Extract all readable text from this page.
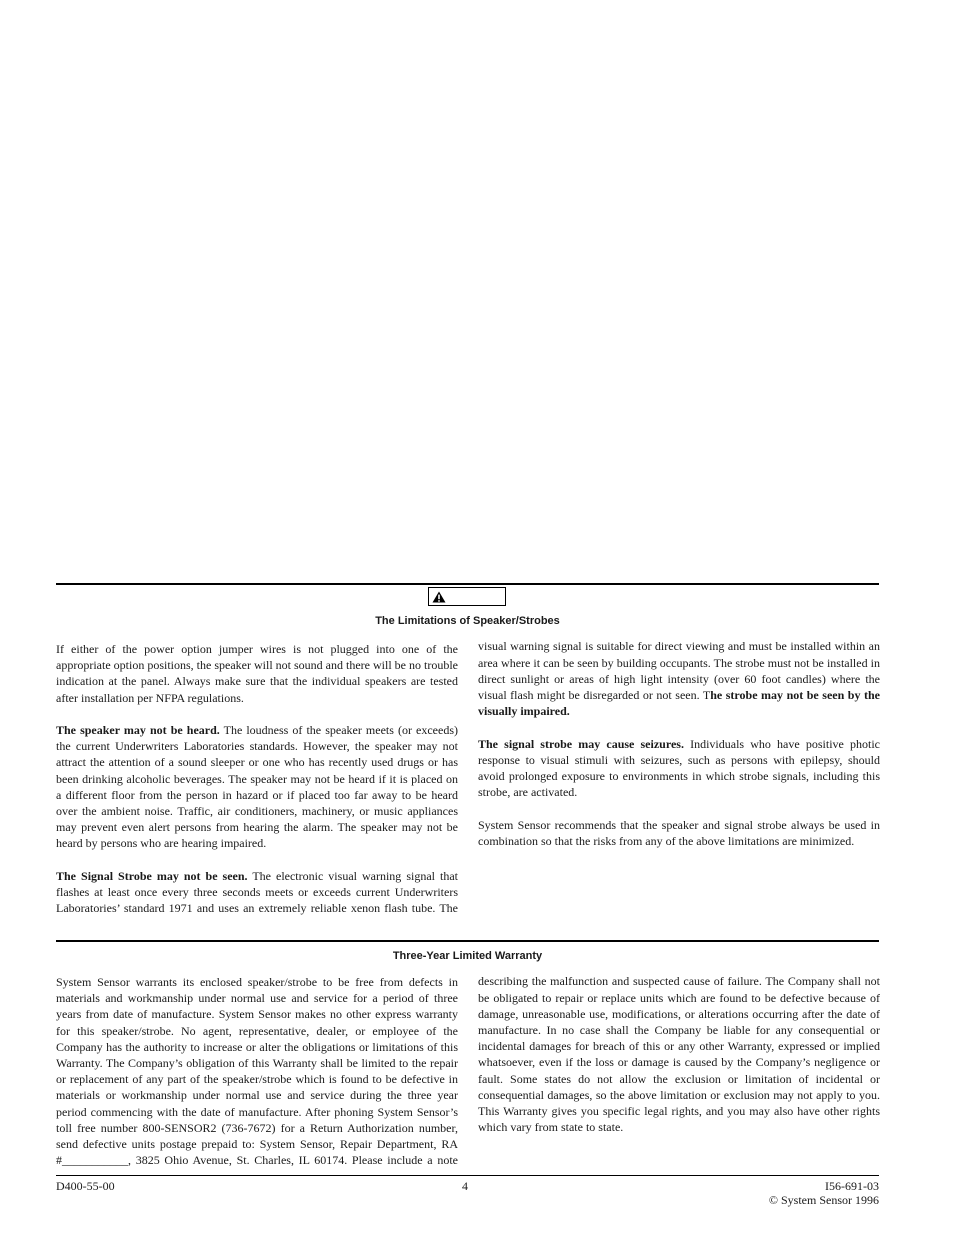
The Limitations of Speaker/Strobes

If either of the power option jumper wires is not plugged into one of the appropriate option positions, the speaker will not sound and there will be no trouble indication at the panel. Always make sure that the individual speakers are tested after installation per NFPA regulations.

The speaker may not be heard. The loudness of the speaker meets (or exceeds) the current Underwriters Laboratories standards. However, the speaker may not attract the attention of a sound sleeper or one who has recently used drugs or has been drinking alcoholic beverages. The speaker may not be heard if it is placed on a different floor from the person in hazard or if placed too far away to be heard over the ambient noise. Traffic, air conditioners, machinery, or music appliances may prevent even alert persons from hearing the alarm. The speaker may not be heard by persons who are hearing impaired.

The Signal Strobe may not be seen. The electronic visual warning signal that flashes at least once every three seconds meets or exceeds current Underwriters Laboratories’ standard 1971 and uses an extremely reliable xenon flash tube. The

visual warning signal is suitable for direct viewing and must be installed within an area where it can be seen by building occupants. The strobe must not be installed in direct sunlight or areas of high light intensity (over 60 foot candles) where the visual flash might be disregarded or not seen. The strobe may not be seen by the visually impaired.

The signal strobe may cause seizures. Individuals who have positive photic response to visual stimuli with seizures, such as persons with epilepsy, should avoid prolonged exposure to environments in which strobe signals, including this strobe, are activated.

System Sensor recommends that the speaker and signal strobe always be used in combination so that the risks from any of the above limitations are minimized.

Three-Year Limited Warranty

System Sensor warrants its enclosed speaker/strobe to be free from defects in materials and workmanship under normal use and service for a period of three years from date of manufacture. System Sensor makes no other express warranty for this speaker/strobe. No agent, representative, dealer, or employee of the Company has the authority to increase or alter the obligations or limitations of this Warranty. The Company’s obligation of this Warranty shall be limited to the repair or replacement of any part of the speaker/strobe which is found to be defective in materials or workmanship under normal use and service during the three year period commencing with the date of manufacture. After phoning System Sensor’s toll free number 800-SENSOR2 (736-7672) for a Return Authorization number, send defective units postage prepaid to: System Sensor, Repair Department, RA #___________, 3825 Ohio Avenue, St. Charles, IL 60174. Please include a note

describing the malfunction and suspected cause of failure. The Company shall not be obligated to repair or replace units which are found to be defective because of damage, unreasonable use, modifications, or alterations occurring after the date of manufacture. In no case shall the Company be liable for any consequential or incidental damages for breach of this or any other Warranty, expressed or implied whatsoever, even if the loss or damage is caused by the Company’s negligence or fault. Some states do not allow the exclusion or limitation of incidental or consequential damages, so the above limitation or exclusion may not apply to you. This Warranty gives you specific legal rights, and you may also have other rights which vary from state to state.

D400-55-00	4	I56-691-03
© System Sensor 1996
